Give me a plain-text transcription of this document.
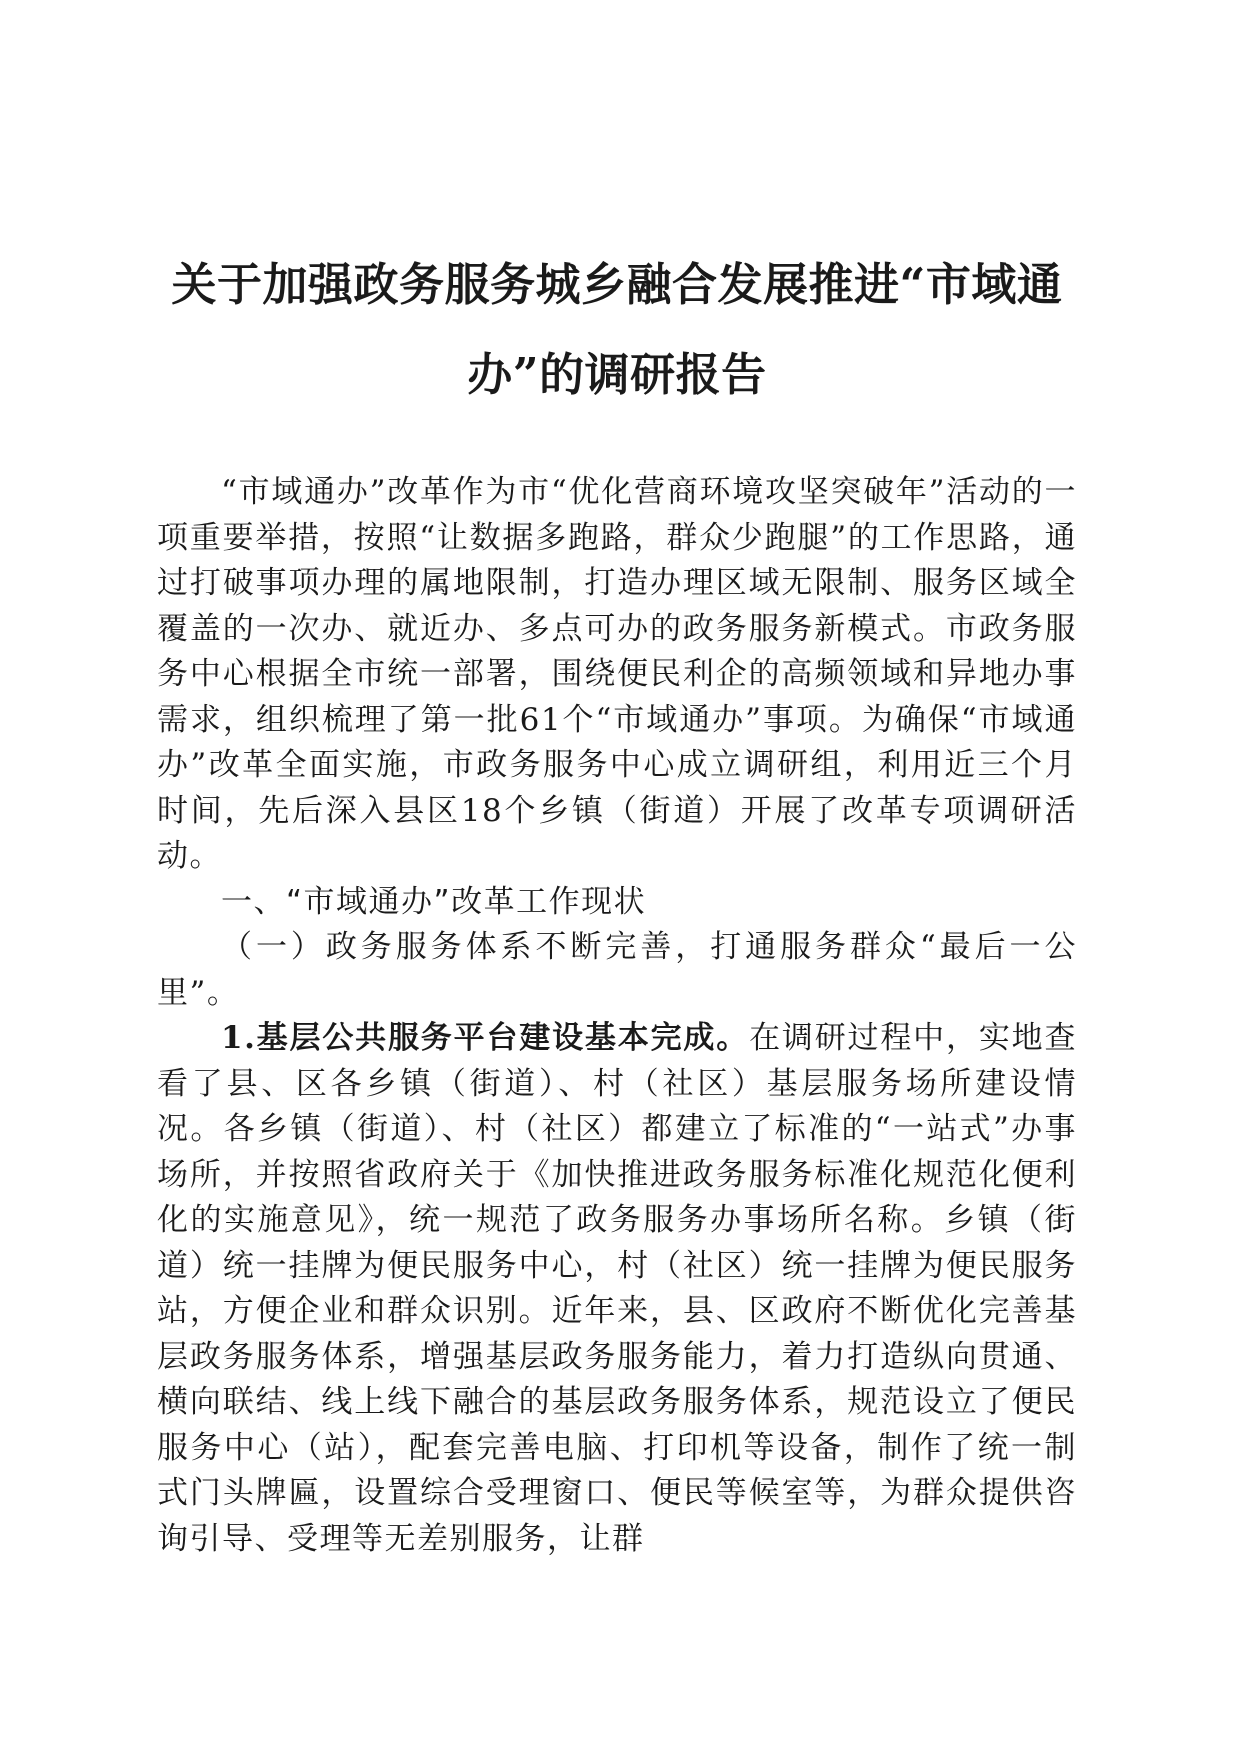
关于加强政务服务城乡融合发展推进“市域通
办”的调研报告

“市域通办”改革作为市“优化营商环境攻坚突破年”活动的一项重要举措，按照“让数据多跑路，群众少跑腿”的工作思路，通过打破事项办理的属地限制，打造办理区域无限制、服务区域全覆盖的一次办、就近办、多点可办的政务服务新模式。市政务服务中心根据全市统一部署，围绕便民利企的高频领域和异地办事需求，组织梳理了第一批61个“市域通办”事项。为确保“市域通办”改革全面实施，市政务服务中心成立调研组，利用近三个月时间，先后深入县区18个乡镇（街道）开展了改革专项调研活动。

一、“市域通办”改革工作现状

（一）政务服务体系不断完善，打通服务群众“最后一公里”。

1.基层公共服务平台建设基本完成。在调研过程中，实地查看了县、区各乡镇（街道）、村（社区）基层服务场所建设情况。各乡镇（街道）、村（社区）都建立了标准的“一站式”办事场所，并按照省政府关于《加快推进政务服务标准化规范化便利化的实施意见》，统一规范了政务服务办事场所名称。乡镇（街道）统一挂牌为便民服务中心，村（社区）统一挂牌为便民服务站，方便企业和群众识别。近年来，县、区政府不断优化完善基层政务服务体系，增强基层政务服务能力，着力打造纵向贯通、横向联结、线上线下融合的基层政务服务体系，规范设立了便民服务中心（站），配套完善电脑、打印机等设备，制作了统一制式门头牌匾，设置综合受理窗口、便民等候室等，为群众提供咨询引导、受理等无差别服务，让群
